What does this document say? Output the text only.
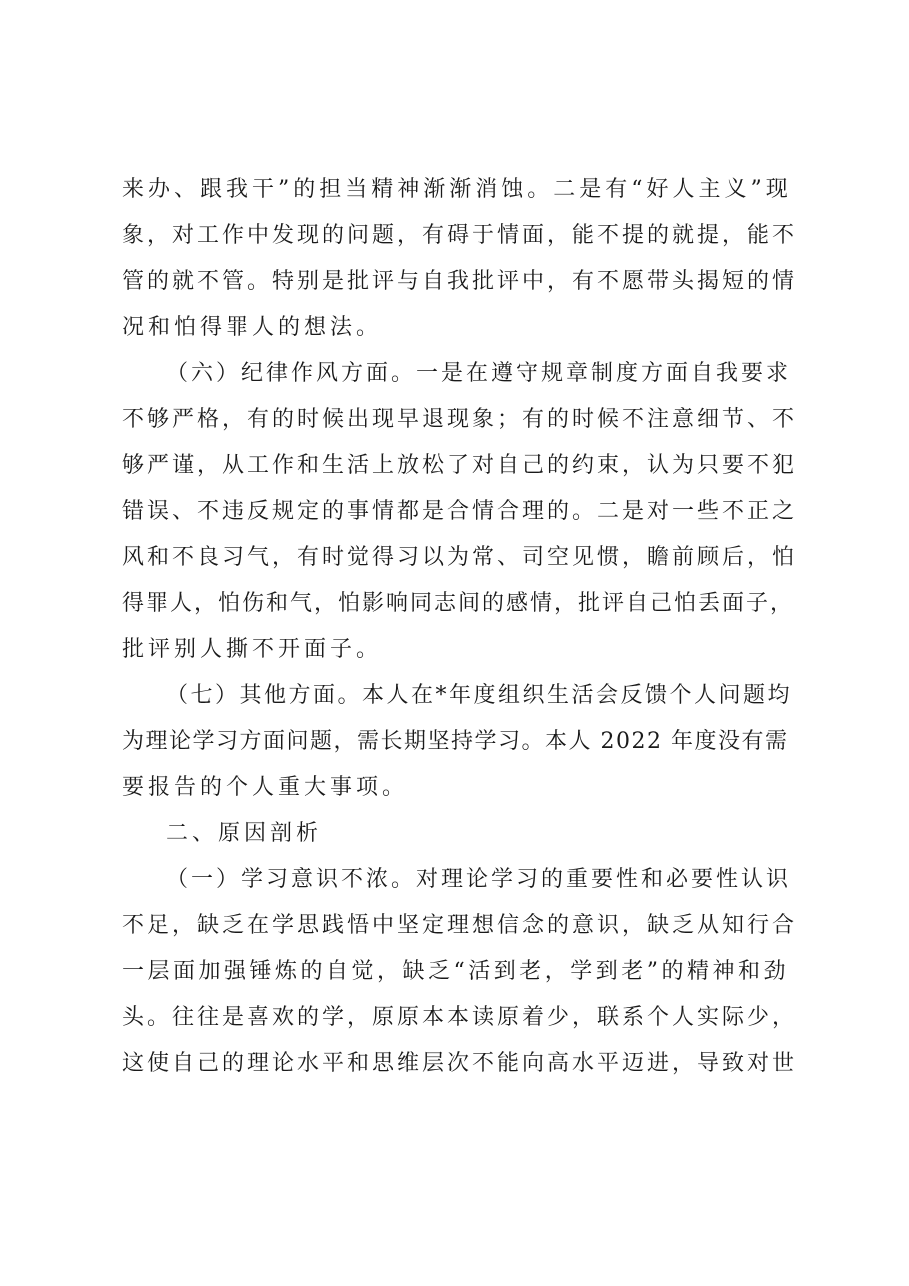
来办、跟我干”的担当精神渐渐消蚀。二是有“好人主义”现
象，对工作中发现的问题，有碍于情面，能不提的就提，能不
管的就不管。特别是批评与自我批评中，有不愿带头揭短的情
况和怕得罪人的想法。
（六）纪律作风方面。一是在遵守规章制度方面自我要求
不够严格，有的时候出现早退现象；有的时候不注意细节、不
够严谨，从工作和生活上放松了对自己的约束，认为只要不犯
错误、不违反规定的事情都是合情合理的。二是对一些不正之
风和不良习气，有时觉得习以为常、司空见惯，瞻前顾后，怕
得罪人，怕伤和气，怕影响同志间的感情，批评自己怕丢面子，
批评别人撕不开面子。
（七）其他方面。本人在*年度组织生活会反馈个人问题均
为理论学习方面问题，需长期坚持学习。本人 2022 年度没有需
要报告的个人重大事项。
二、原因剖析
（一）学习意识不浓。对理论学习的重要性和必要性认识
不足，缺乏在学思践悟中坚定理想信念的意识，缺乏从知行合
一层面加强锤炼的自觉，缺乏“活到老，学到老”的精神和劲
头。往往是喜欢的学，原原本本读原着少，联系个人实际少，
这使自己的理论水平和思维层次不能向高水平迈进，导致对世
